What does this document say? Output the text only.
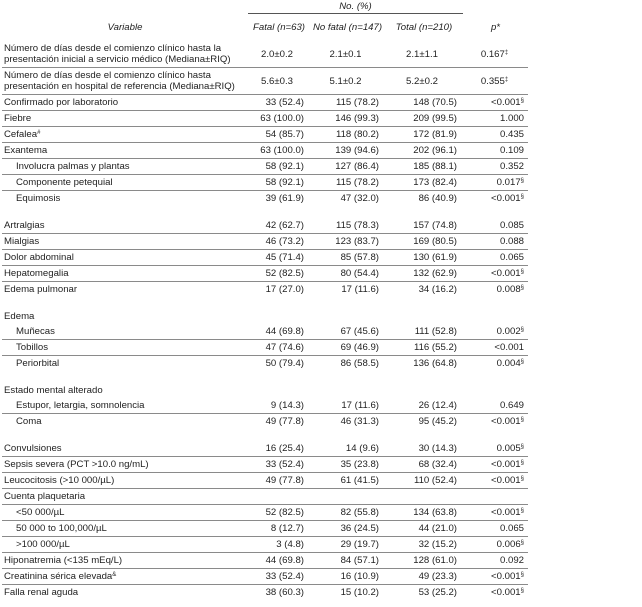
	No. (%)			
Variable	Fatal (n=63)	No fatal (n=147)	Total (n=210)	p*
Número de días desde el comienzo clínico hasta la presentación inicial a servicio médico (Mediana±RIQ)	2.0±0.2	2.1±0.1	2.1±1.1	0.167‡
Número de días desde el comienzo clínico hasta presentación en hospital de referencia (Mediana±RIQ)	5.6±0.3	5.1±0.2	5.2±0.2	0.355‡
Confirmado por laboratorio	33 (52.4)	115 (78.2)	148 (70.5)	<0.001§
Fiebre	63 (100.0)	146 (99.3)	209 (99.5)	1.000
Cefalea#	54 (85.7)	118 (80.2)	172 (81.9)	0.435
Exantema	63 (100.0)	139 (94.6)	202 (96.1)	0.109
Involucra palmas y plantas	58 (92.1)	127 (86.4)	185 (88.1)	0.352
Componente petequial	58 (92.1)	115 (78.2)	173 (82.4)	0.017§
Equimosis	39 (61.9)	47 (32.0)	86 (40.9)	<0.001§

Artralgias	42 (62.7)	115 (78.3)	157 (74.8)	0.085
Mialgias	46 (73.2)	123 (83.7)	169 (80.5)	0.088
Dolor abdominal	45 (71.4)	85 (57.8)	130 (61.9)	0.065
Hepatomegalia	52 (82.5)	80 (54.4)	132 (62.9)	<0.001§
Edema pulmonar	17 (27.0)	17 (11.6)	34 (16.2)	0.008§

Edema				
Muñecas	44 (69.8)	67 (45.6)	111 (52.8)	0.002§
Tobillos	47 (74.6)	69 (46.9)	116 (55.2)	<0.001
Periorbital	50 (79.4)	86 (58.5)	136 (64.8)	0.004§

Estado mental alterado				
Estupor, letargia, somnolencia	9 (14.3)	17 (11.6)	26 (12.4)	0.649
Coma	49 (77.8)	46 (31.3)	95 (45.2)	<0.001§

Convulsiones	16 (25.4)	14 (9.6)	30 (14.3)	0.005§
Sepsis severa (PCT >10.0 ng/mL)	33 (52.4)	35 (23.8)	68 (32.4)	<0.001§
Leucocitosis (>10 000/µL)	49 (77.8)	61 (41.5)	110 (52.4)	<0.001§
Cuenta plaquetaria				
<50 000/µL	52 (82.5)	82 (55.8)	134 (63.8)	<0.001§
50 000 to 100,000/µL	8 (12.7)	36 (24.5)	44 (21.0)	0.065
>100 000/µL	3 (4.8)	29 (19.7)	32 (15.2)	0.006§
Hiponatremia (<135 mEq/L)	44 (69.8)	84 (57.1)	128 (61.0)	0.092
Creatinina sérica elevada&	33 (52.4)	16 (10.9)	49 (23.3)	<0.001§
Falla renal aguda	38 (60.3)	15 (10.2)	53 (25.2)	<0.001§
